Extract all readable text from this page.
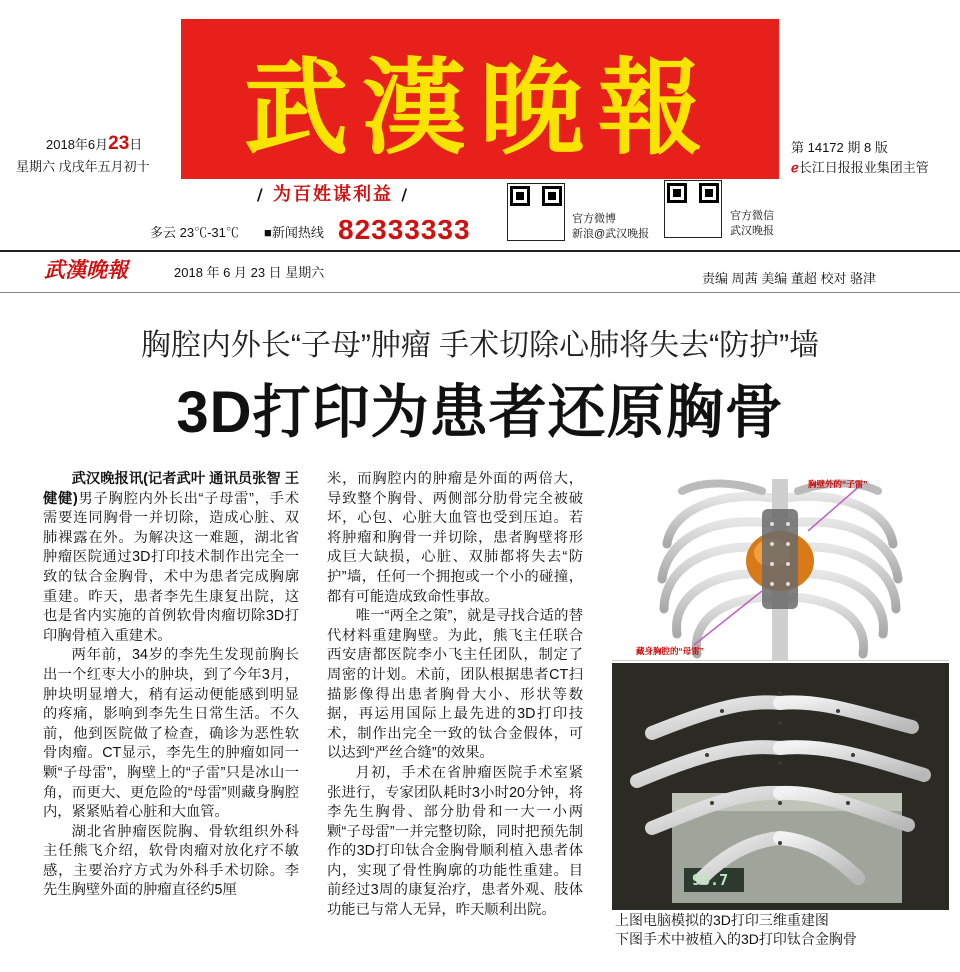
武漢晚報
2018年6月23日
星期六 戊戌年五月初十
第 14172 期 8 版
ℯ长江日报报业集团主管
/ 为百姓谋利益 /
多云 23℃-31℃ ■新闻热线 82333333	官方微博
新浪@武汉晚报
官方微信
武汉晚报
武漢晚報	2018 年 6 月 23 日 星期六	责编 周茜 美编 董超 校对 骆津
胸腔内外长“子母”肿瘤 手术切除心肺将失去“防护”墙
3D打印为患者还原胸骨

武汉晚报讯(记者武叶 通讯员张智 王健健)男子胸腔内外长出“子母雷”，手术需要连同胸骨一并切除，造成心脏、双肺裸露在外。为解决这一难题，湖北省肿瘤医院通过3D打印技术制作出完全一致的钛合金胸骨，术中为患者完成胸廓重建。昨天，患者李先生康复出院，这也是省内实施的首例软骨肉瘤切除3D打印胸骨植入重建术。

两年前，34岁的李先生发现前胸长出一个红枣大小的肿块，到了今年3月，肿块明显增大，稍有运动便能感到明显的疼痛，影响到李先生日常生活。不久前，他到医院做了检查，确诊为恶性软骨肉瘤。CT显示，李先生的肿瘤如同一颗“子母雷”，胸壁上的“子雷”只是冰山一角，而更大、更危险的“母雷”则藏身胸腔内，紧紧贴着心脏和大血管。

湖北省肿瘤医院胸、骨软组织外科主任熊飞介绍，软骨肉瘤对放化疗不敏感，主要治疗方式为外科手术切除。李先生胸壁外面的肿瘤直径约5厘

米，而胸腔内的肿瘤是外面的两倍大，导致整个胸骨、两侧部分肋骨完全被破坏，心包、心脏大血管也受到压迫。若将肿瘤和胸骨一并切除，患者胸壁将形成巨大缺损，心脏、双肺都将失去“防护”墙，任何一个拥抱或一个小的碰撞，都有可能造成致命性事故。

唯一“两全之策”，就是寻找合适的替代材料重建胸壁。为此，熊飞主任联合西安唐都医院李小飞主任团队，制定了周密的计划。术前，团队根据患者CT扫描影像得出患者胸骨大小、形状等数据，再运用国际上最先进的3D打印技术，制作出完全一致的钛合金假体，可以达到“严丝合缝”的效果。

月初，手术在省肿瘤医院手术室紧张进行，专家团队耗时3小时20分钟，将李先生胸骨、部分肋骨和一大一小两颗“子母雷”一并完整切除，同时把预先制作的3D打印钛合金胸骨顺利植入患者体内，实现了骨性胸廓的功能性重建。目前经过3周的康复治疗，患者外观、肢体功能已与常人无异，昨天顺利出院。

胸壁外的“子雷”
藏身胸腔的“母雷”
98.7
上图电脑模拟的3D打印三维重建图
下图手术中被植入的3D打印钛合金胸骨
